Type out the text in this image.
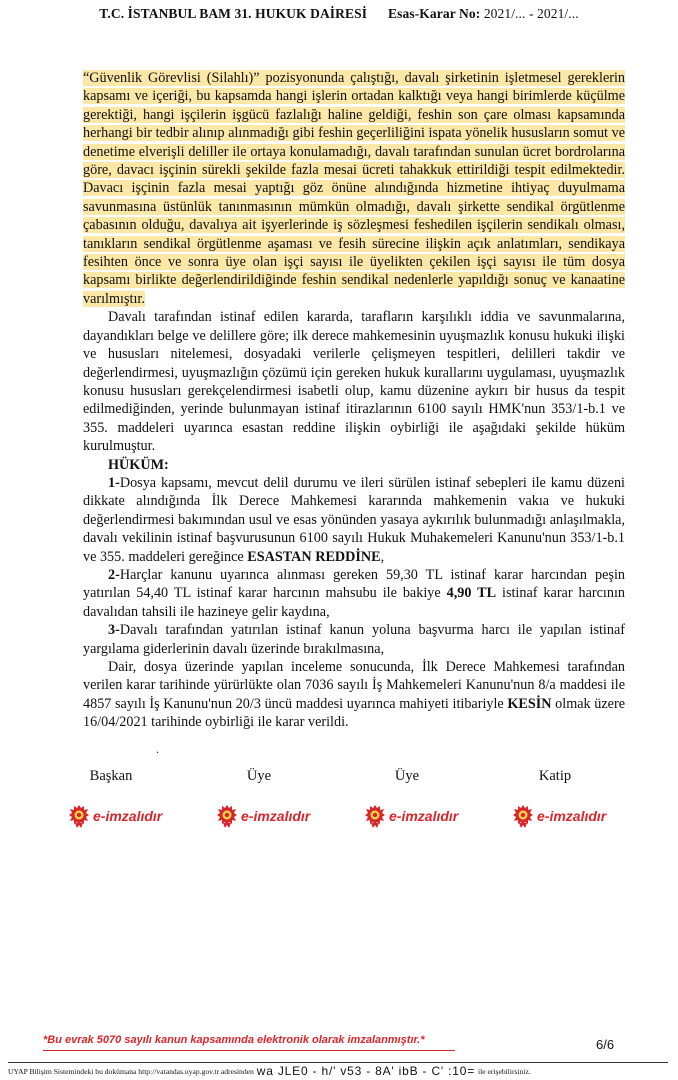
T.C. İSTANBUL BAM 31. HUKUK DAİRESİ Esas-Karar No: 2021/... - 2021/...

“Güvenlik Görevlisi (Silahlı)” pozisyonunda çalıştığı, davalı şirketinin işletmesel gereklerin kapsamı ve içeriği, bu kapsamda hangi işlerin ortadan kalktığı veya hangi birimlerde küçülme gerektiği, hangi işçilerin işgücü fazlalığı haline geldiği, feshin son çare olması kapsamında herhangi bir tedbir alınıp alınmadığı gibi feshin geçerliliğini ispata yönelik hususların somut ve denetime elverişli deliller ile ortaya konulamadığı, davalı tarafından sunulan ücret bordrolarına göre, davacı işçinin sürekli şekilde fazla mesai ücreti tahakkuk ettirildiği tespit edilmektedir. Davacı işçinin fazla mesai yaptığı göz önüne alındığında hizmetine ihtiyaç duyulmama savunmasına üstünlük tanınmasının mümkün olmadığı, davalı şirkette sendikal örgütlenme çabasının olduğu, davalıya ait işyerlerinde iş sözleşmesi feshedilen işçilerin sendikalı olması, tanıkların sendikal örgütlenme aşaması ve fesih sürecine ilişkin açık anlatımları, sendikaya fesihten önce ve sonra üye olan işçi sayısı ile üyelikten çekilen işçi sayısı ile tüm dosya kapsamı birlikte değerlendirildiğinde feshin sendikal nedenlerle yapıldığı sonuç ve kanaatine varılmıştır.

Davalı tarafından istinaf edilen kararda, tarafların karşılıklı iddia ve savunmalarına, dayandıkları belge ve delillere göre; ilk derece mahkemesinin uyuşmazlık konusu hukuki ilişki ve hususları nitelemesi, dosyadaki verilerle çelişmeyen tespitleri, delilleri takdir ve değerlendirmesi, uyuşmazlığın çözümü için gereken hukuk kurallarını uygulaması, uyuşmazlık konusu hususları gerekçelendirmesi isabetli olup, kamu düzenine aykırı bir husus da tespit edilmediğinden, yerinde bulunmayan istinaf itirazlarının 6100 sayılı HMK'nun 353/1-b.1 ve 355. maddeleri uyarınca esastan reddine ilişkin oybirliği ile aşağıdaki şekilde hüküm kurulmuştur.

HÜKÜM:

1-Dosya kapsamı, mevcut delil durumu ve ileri sürülen istinaf sebepleri ile kamu düzeni dikkate alındığında İlk Derece Mahkemesi kararında mahkemenin vakıa ve hukuki değerlendirmesi bakımından usul ve esas yönünden yasaya aykırılık bulunmadığı anlaşılmakla, davalı vekilinin istinaf başvurusunun 6100 sayılı Hukuk Muhakemeleri Kanunu'nun 353/1-b.1 ve 355. maddeleri gereğince ESASTAN REDDİNE,

2-Harçlar kanunu uyarınca alınması gereken 59,30 TL istinaf karar harcından peşin yatırılan 54,40 TL istinaf karar harcının mahsubu ile bakiye 4,90 TL istinaf karar harcının davalıdan tahsili ile hazineye gelir kaydına,

3-Davalı tarafından yatırılan istinaf kanun yoluna başvurma harcı ile yapılan istinaf yargılama giderlerinin davalı üzerinde bırakılmasına,

Dair, dosya üzerinde yapılan inceleme sonucunda, İlk Derece Mahkemesi tarafından verilen karar tarihinde yürürlükte olan 7036 sayılı İş Mahkemeleri Kanunu'nun 8/a maddesi ile 4857 sayılı İş Kanunu'nun 20/3 üncü maddesi uyarınca mahiyeti itibariyle KESİN olmak üzere 16/04/2021 tarihinde oybirliği ile karar verildi.

.
Başkan	Üye	Üye	Katip
e-imzalıdır	e-imzalıdır	e-imzalıdır	e-imzalıdır
*Bu evrak 5070 sayılı kanun kapsamında elektronik olarak imzalanmıştır.*	6/6
UYAP Bilişim Sistemindeki bu dokümana http://vatandas.uyap.gov.tr adresinden wa JLE0 - h/' v53 - 8A' ibB - C' :10= ile erişebilirsiniz.
